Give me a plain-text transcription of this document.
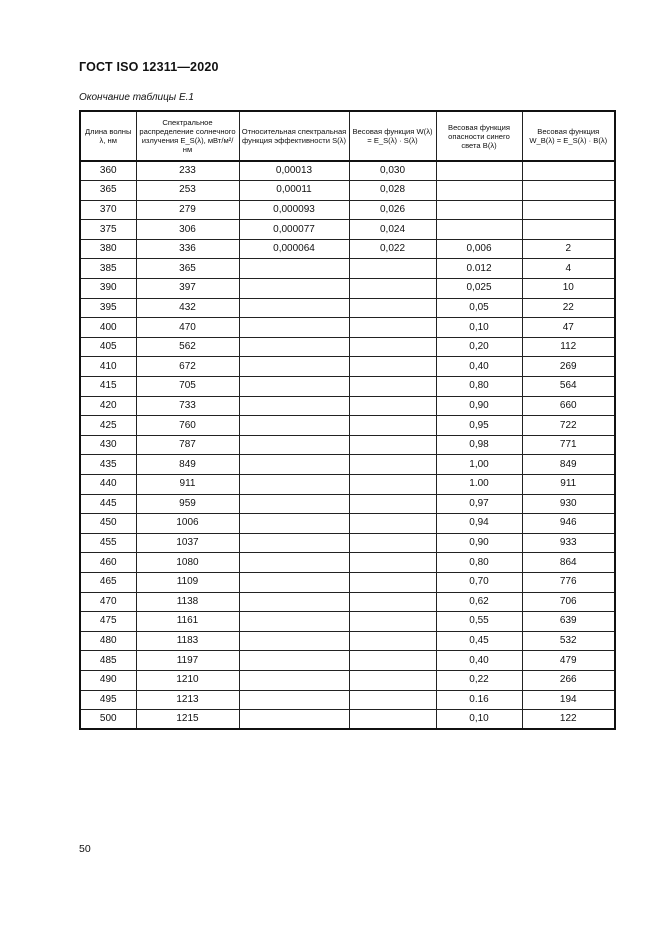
ГОСТ ISO 12311—2020
Окончание таблицы Е.1
Длина волны λ, нм	Спектральное распределение солнечного излучения E_S(λ), мВт/м²/нм	Относительная спектральная функция эффективности S(λ)	Весовая функция W(λ) = E_S(λ) · S(λ)	Весовая функция опасности синего света B(λ)	Весовая функция W_B(λ) = E_S(λ) · B(λ)
360	233	0,00013	0,030		
365	253	0,00011	0,028		
370	279	0,000093	0,026		
375	306	0,000077	0,024		
380	336	0,000064	0,022	0,006	2
385	365			0.012	4
390	397			0,025	10
395	432			0,05	22
400	470			0,10	47
405	562			0,20	112
410	672			0,40	269
415	705			0,80	564
420	733			0,90	660
425	760			0,95	722
430	787			0,98	771
435	849			1,00	849
440	911			1.00	911
445	959			0,97	930
450	1006			0,94	946
455	1037			0,90	933
460	1080			0,80	864
465	1109			0,70	776
470	1138			0,62	706
475	1161			0,55	639
480	1183			0,45	532
485	1197			0,40	479
490	1210			0,22	266
495	1213			0.16	194
500	1215			0,10	122
50
